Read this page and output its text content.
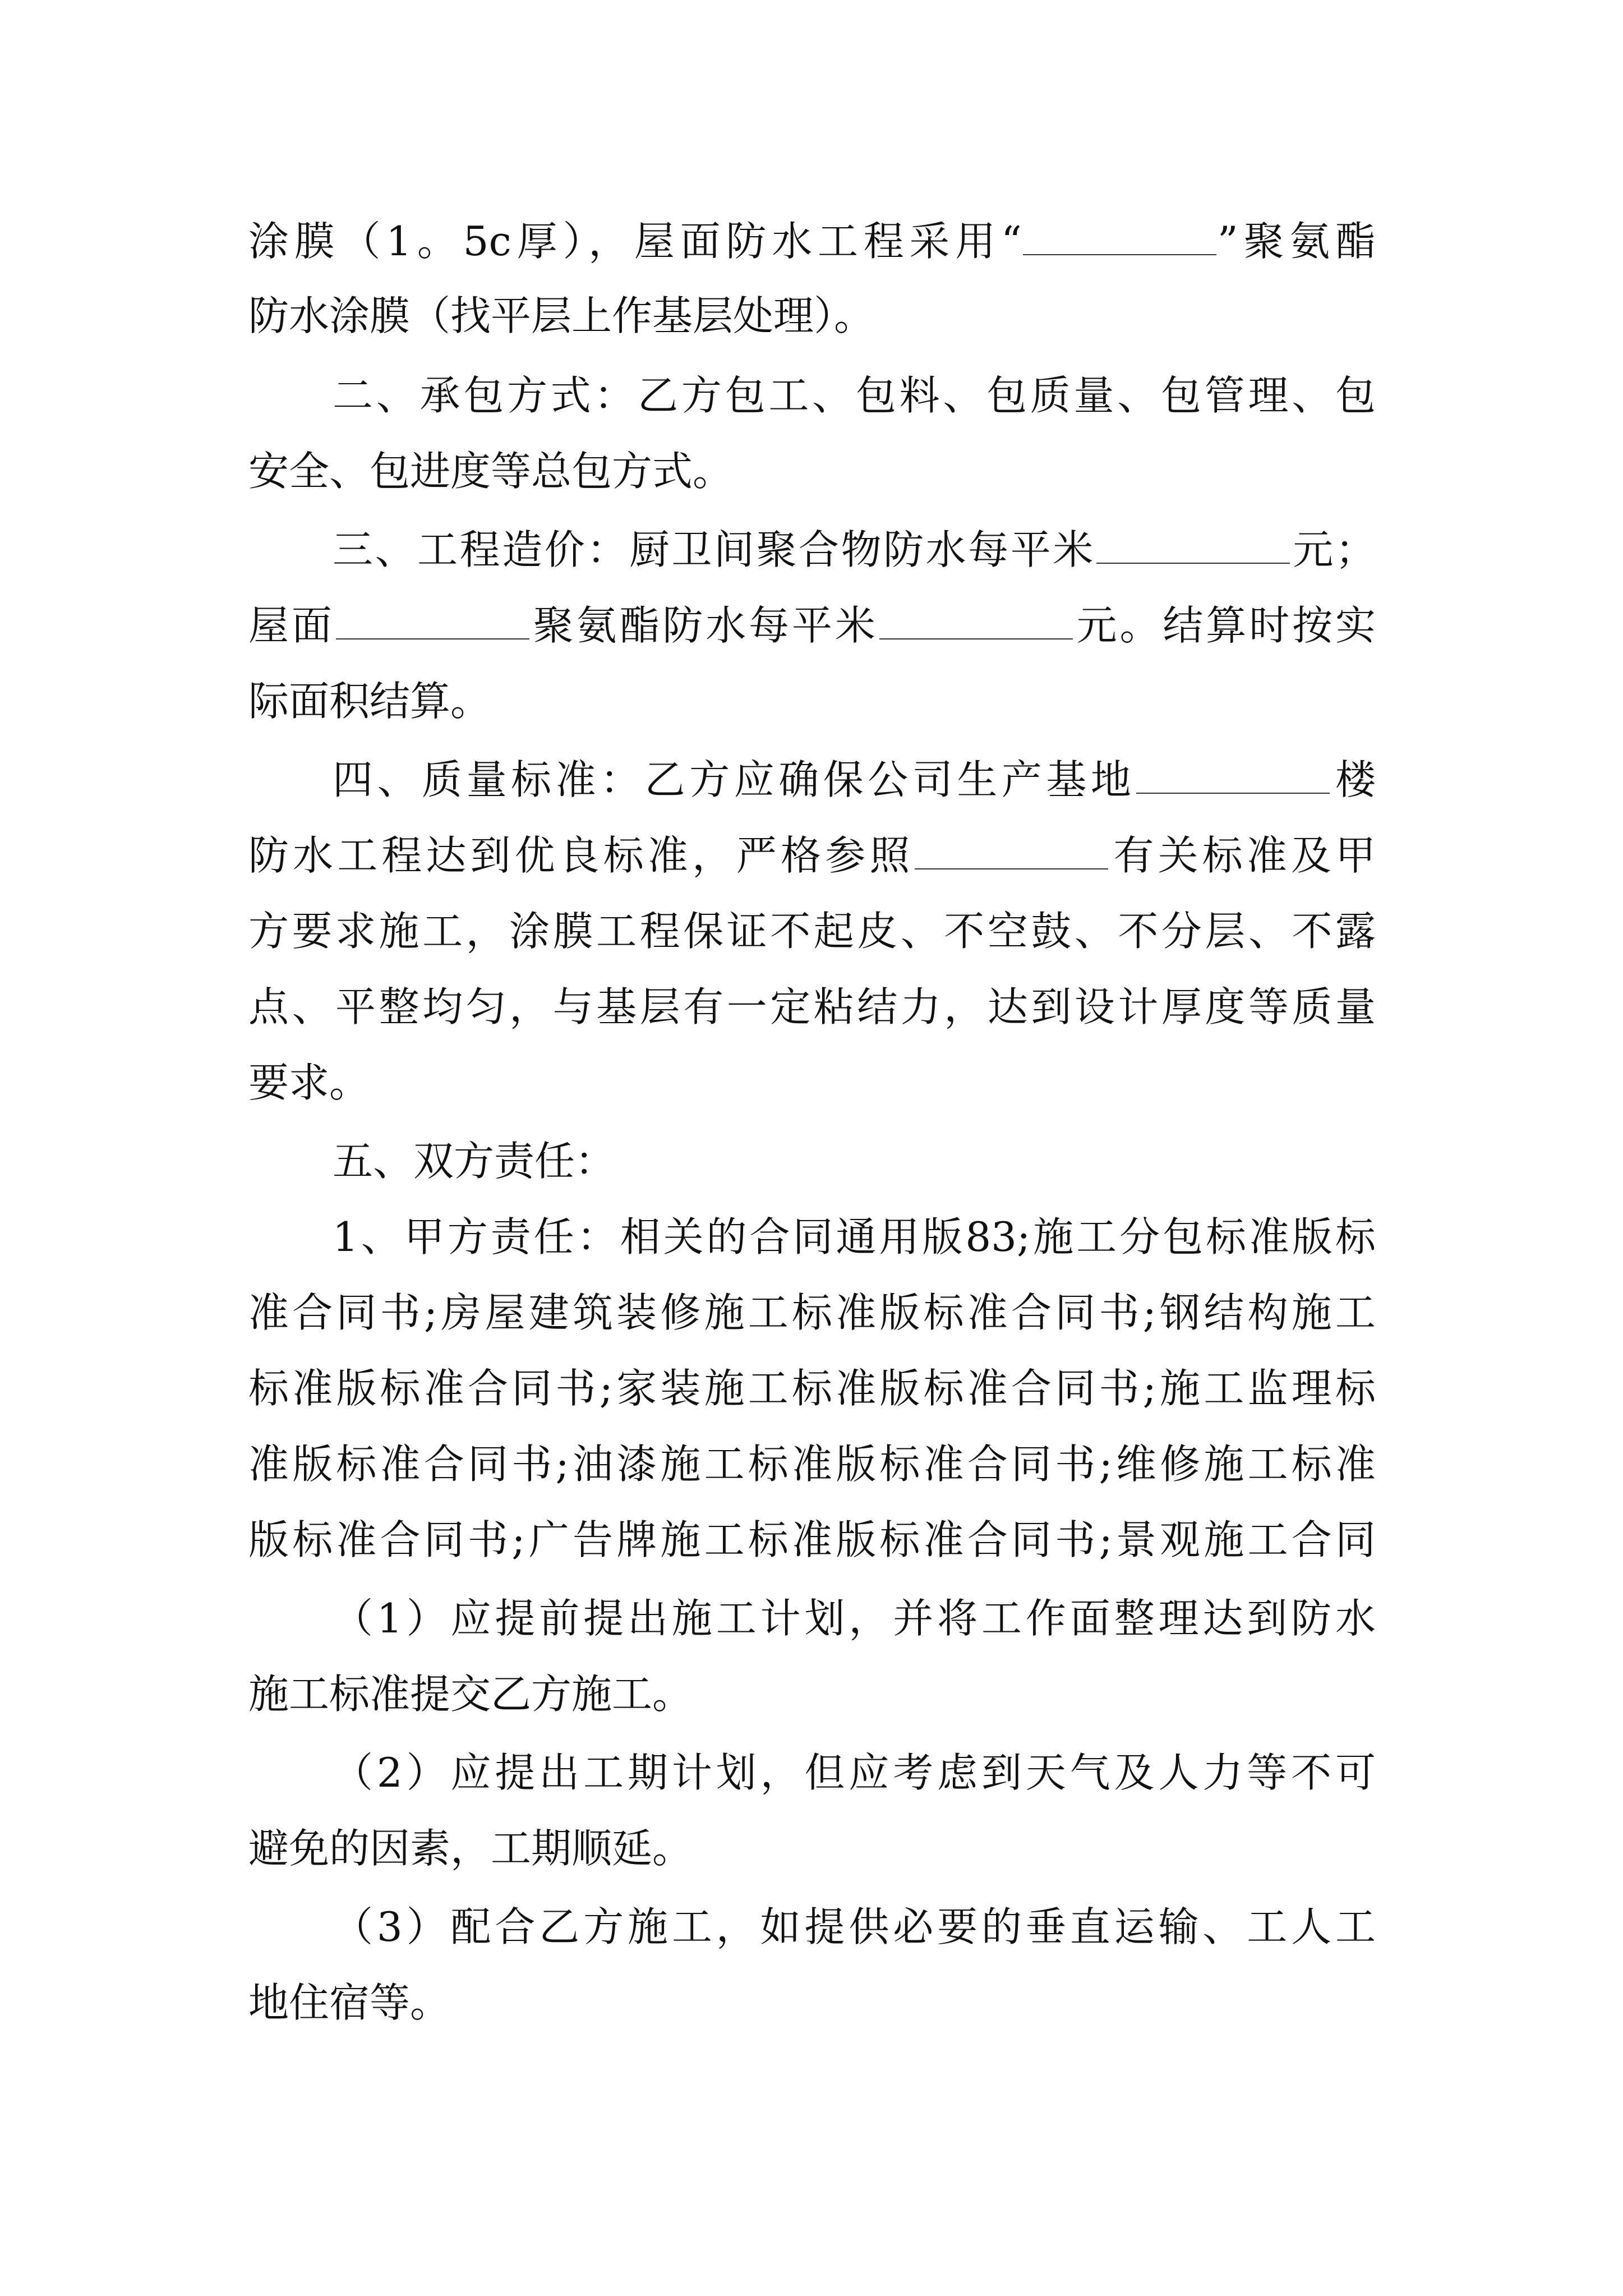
涂膜（1。5c厚），屋面防水工程采用“	”聚氨酯
防水涂膜（找平层上作基层处理）。
二、承包方式：乙方包工、包料、包质量、包管理、包
安全、包进度等总包方式。
三、工程造价：厨卫间聚合物防水每平米	元；
屋面	聚氨酯防水每平米	元。结算时按实
际面积结算。
四、质量标准：乙方应确保公司生产基地	楼
防水工程达到优良标准，严格参照	有关标准及甲
方要求施工，涂膜工程保证不起皮、不空鼓、不分层、不露
点、平整均匀，与基层有一定粘结力，达到设计厚度等质量
要求。
五、双方责任：
1、甲方责任：相关的合同通用版83;施工分包标准版标
准合同书;房屋建筑装修施工标准版标准合同书;钢结构施工
标准版标准合同书;家装施工标准版标准合同书;施工监理标
准版标准合同书;油漆施工标准版标准合同书;维修施工标准
版标准合同书;广告牌施工标准版标准合同书;景观施工合同
（1）应提前提出施工计划，并将工作面整理达到防水
施工标准提交乙方施工。
（2）应提出工期计划，但应考虑到天气及人力等不可
避免的因素，工期顺延。
（3）配合乙方施工，如提供必要的垂直运输、工人工
地住宿等。
